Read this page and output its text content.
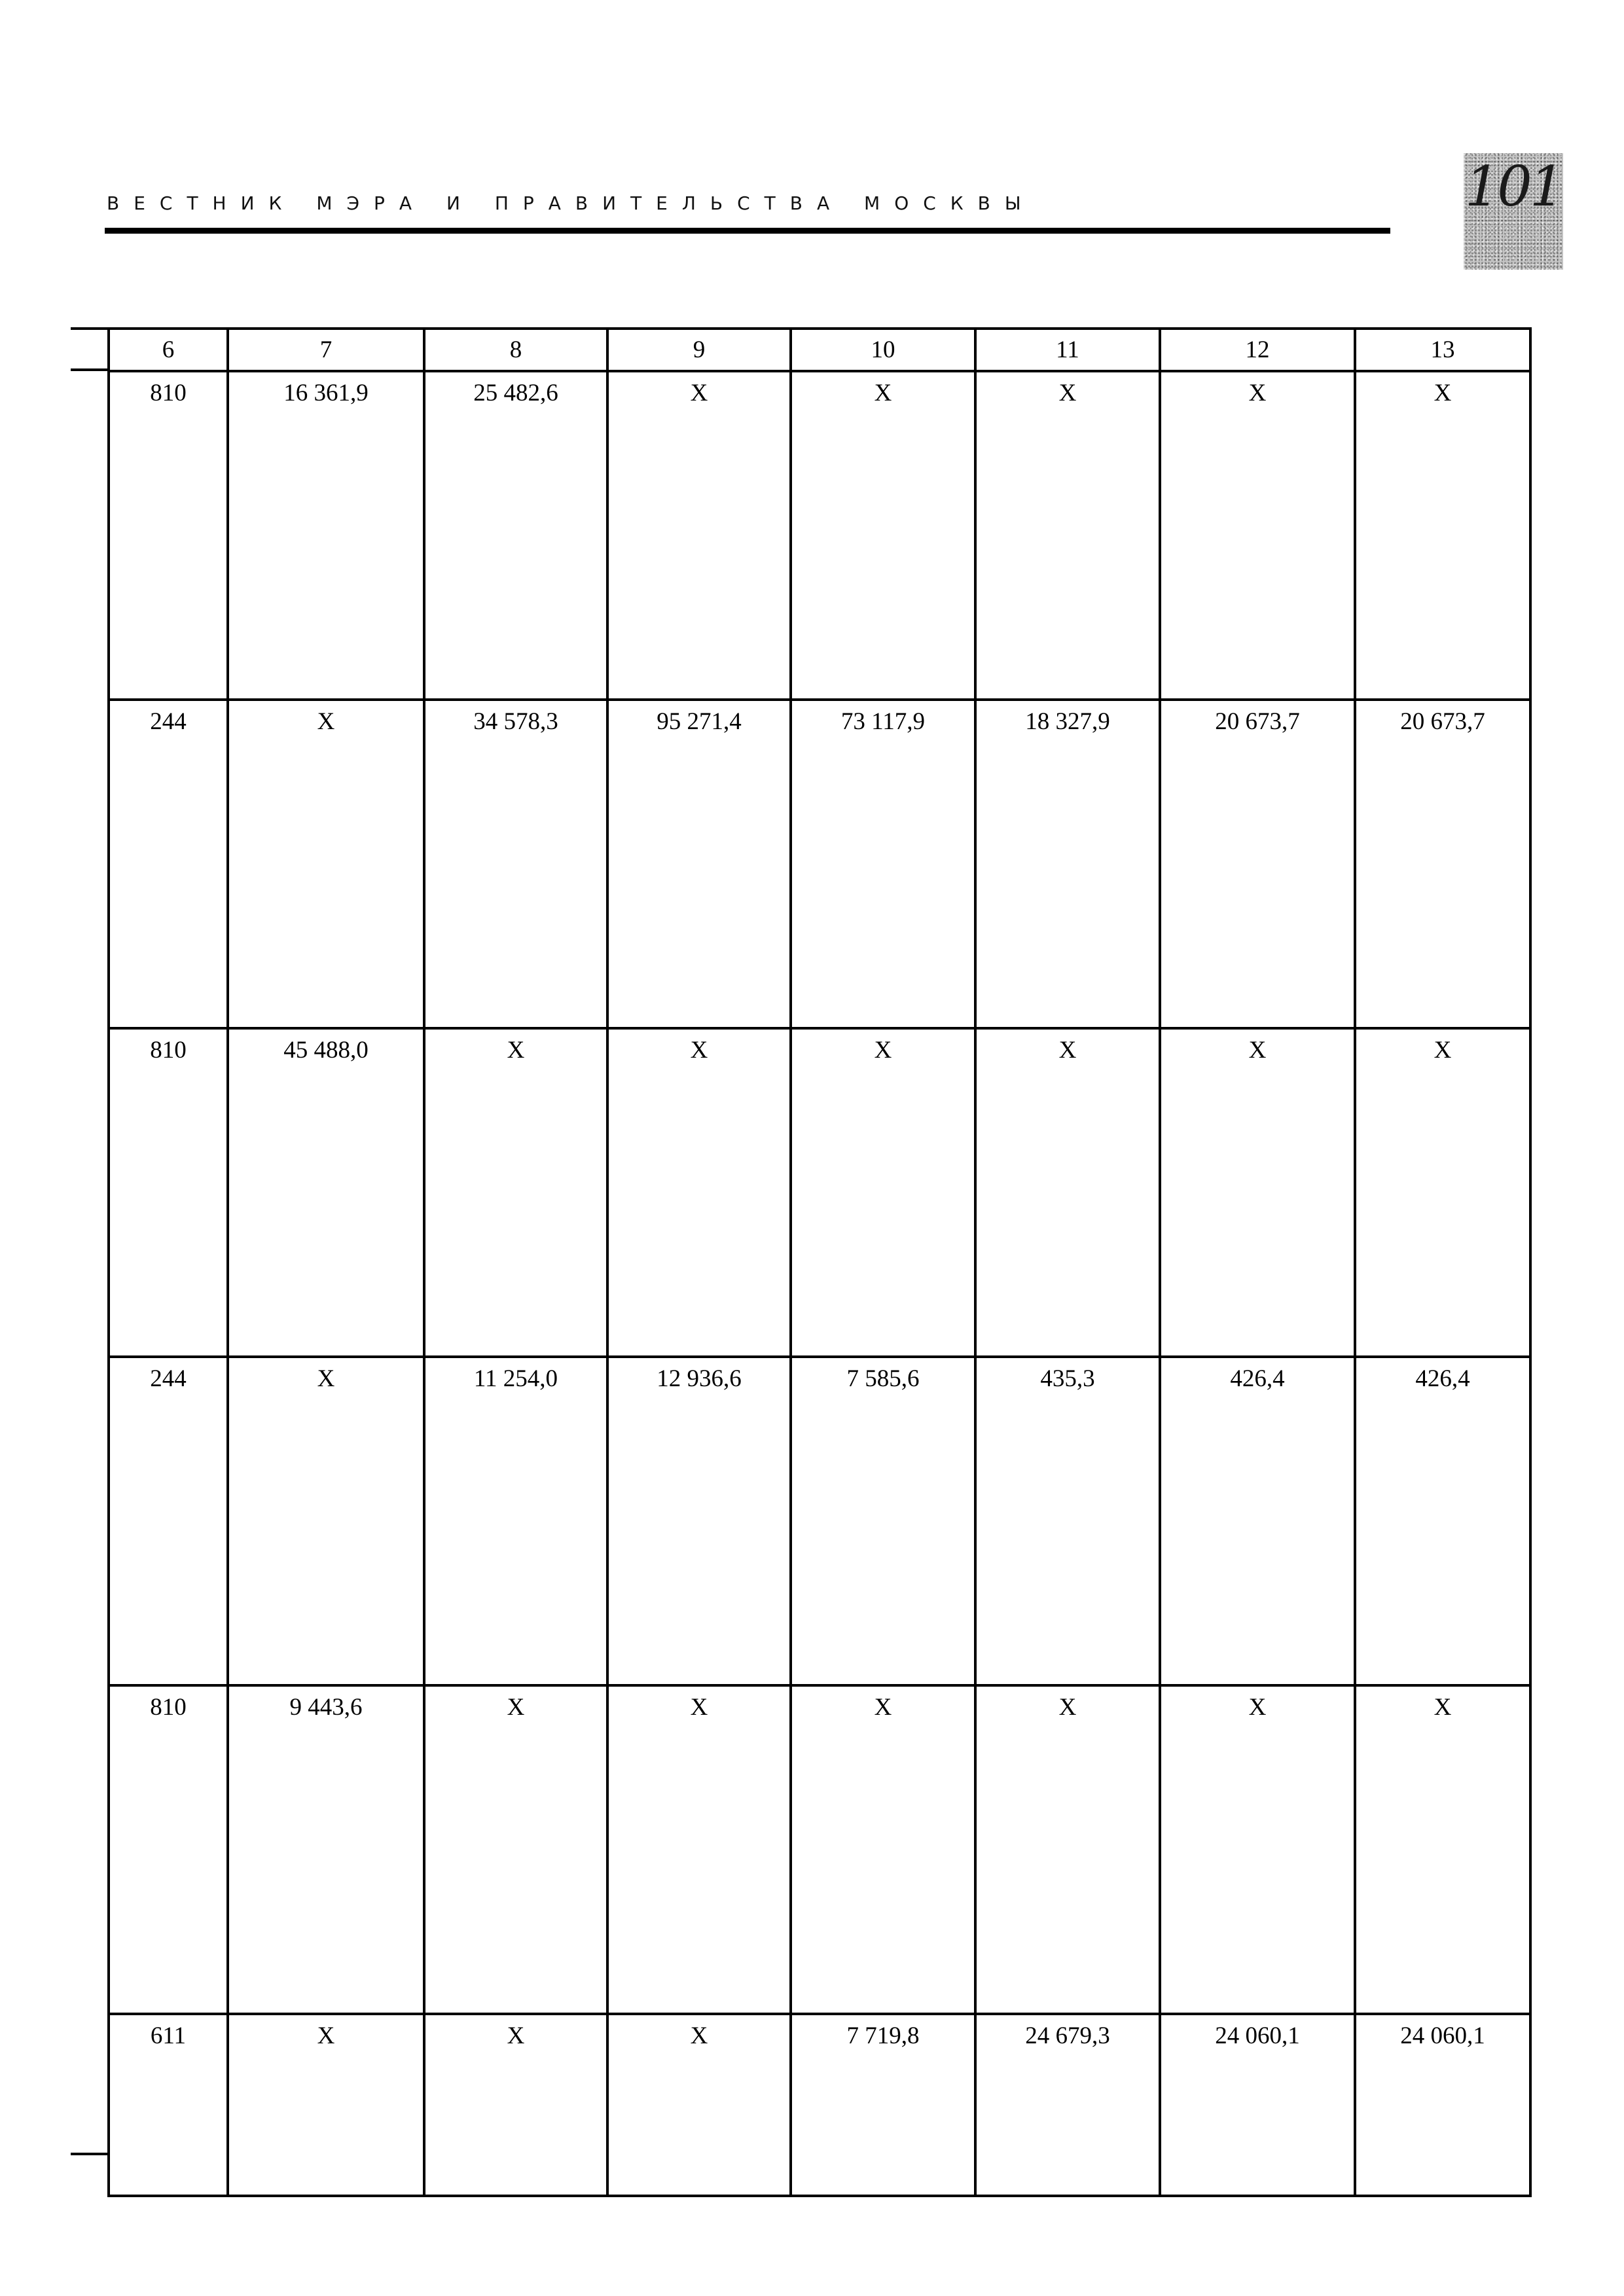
ВЕСТНИК МЭРА И ПРАВИТЕЛЬСТВА МОСКВЫ	101
6	7	8	9	10	11	12	13
810	16 361,9	25 482,6	X	X	X	X	X
244	X	34 578,3	95 271,4	73 117,9	18 327,9	20 673,7	20 673,7
810	45 488,0	X	X	X	X	X	X
244	X	11 254,0	12 936,6	7 585,6	435,3	426,4	426,4
810	9 443,6	X	X	X	X	X	X
611	X	X	X	7 719,8	24 679,3	24 060,1	24 060,1
